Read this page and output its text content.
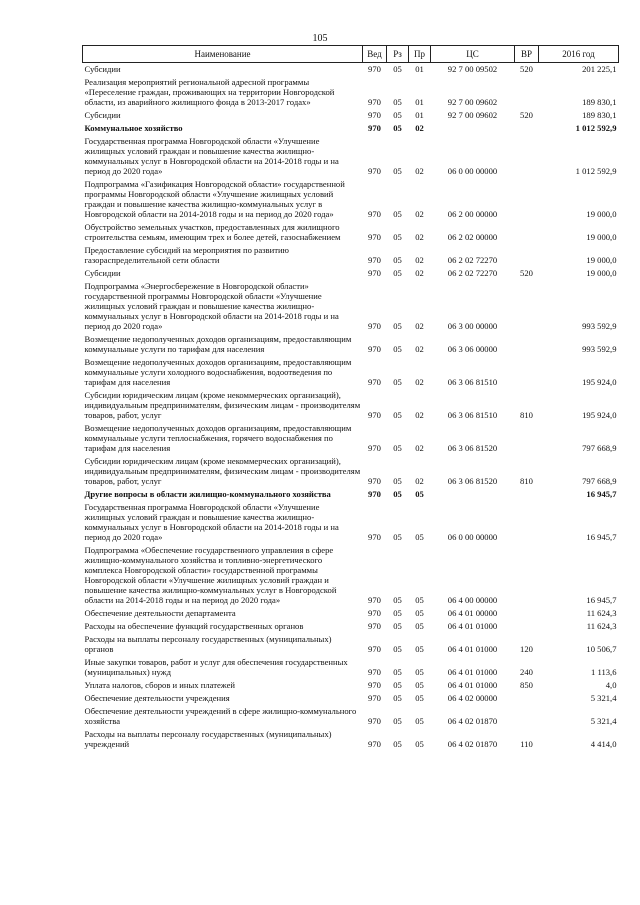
105
Наименование	Вед	Рз	Пр	ЦС	ВР	2016 год
Субсидии	970	05	01	92 7 00 09502	520	201 225,1
Реализация мероприятий региональной адресной программы «Переселение граждан, проживающих на территории Новгородской области, из аварийного жилищного фонда в 2013-2017 годах»	970	05	01	92 7 00 09602		189 830,1
Субсидии	970	05	01	92 7 00 09602	520	189 830,1
Коммунальное хозяйство	970	05	02			1 012 592,9
Государственная программа Новгородской области «Улучшение жилищных условий граждан и повышение качества жилищно-коммунальных услуг в Новгородской области на 2014-2018 годы и на период до 2020 года»	970	05	02	06 0 00 00000		1 012 592,9
Подпрограмма «Газификация Новгородской области» государственной программы Новгородской области «Улучшение жилищных условий граждан и повышение качества жилищно-коммунальных услуг в Новгородской области на 2014-2018 годы и на период до 2020 года»	970	05	02	06 2 00 00000		19 000,0
Обустройство земельных участков, предоставленных для жилищного строительства семьям, имеющим трех и более детей, газоснабжением	970	05	02	06 2 02 00000		19 000,0
Предоставление субсидий на мероприятия по развитию газораспределительной сети области	970	05	02	06 2 02 72270		19 000,0
Субсидии	970	05	02	06 2 02 72270	520	19 000,0
Подпрограмма «Энергосбережение в Новгородской области» государственной программы Новгородской области «Улучшение жилищных условий граждан и повышение качества жилищно-коммунальных услуг в Новгородской области на 2014-2018 годы и на период до 2020 года»	970	05	02	06 3 00 00000		993 592,9
Возмещение недополученных доходов организациям, предоставляющим коммунальные услуги по тарифам для населения	970	05	02	06 3 06 00000		993 592,9
Возмещение недополученных доходов организациям, предоставляющим коммунальные услуги холодного водоснабжения, водоотведения по тарифам для населения	970	05	02	06 3 06 81510		195 924,0
Субсидии юридическим лицам (кроме некоммерческих организаций), индивидуальным предпринимателям, физическим лицам - производителям товаров, работ, услуг	970	05	02	06 3 06 81510	810	195 924,0
Возмещение недополученных доходов организациям, предоставляющим коммунальные услуги теплоснабжения, горячего водоснабжения по тарифам для населения	970	05	02	06 3 06 81520		797 668,9
Субсидии юридическим лицам (кроме некоммерческих организаций), индивидуальным предпринимателям, физическим лицам - производителям товаров, работ, услуг	970	05	02	06 3 06 81520	810	797 668,9
Другие вопросы в области жилищно-коммунального хозяйства	970	05	05			16 945,7
Государственная программа Новгородской области «Улучшение жилищных условий граждан и повышение качества жилищно-коммунальных услуг в Новгородской области на 2014-2018 годы и на период до 2020 года»	970	05	05	06 0 00 00000		16 945,7
Подпрограмма «Обеспечение государственного управления в сфере жилищно-коммунального хозяйства и топливно-энергетического комплекса Новгородской области» государственной программы Новгородской области «Улучшение жилищных условий граждан и повышение качества жилищно-коммунальных услуг в Новгородской области на 2014-2018 годы и на период до 2020 года»	970	05	05	06 4 00 00000		16 945,7
Обеспечение деятельности департамента	970	05	05	06 4 01 00000		11 624,3
Расходы на обеспечение функций государственных органов	970	05	05	06 4 01 01000		11 624,3
Расходы на выплаты персоналу государственных (муниципальных) органов	970	05	05	06 4 01 01000	120	10 506,7
Иные закупки товаров, работ и услуг для обеспечения государственных (муниципальных) нужд	970	05	05	06 4 01 01000	240	1 113,6
Уплата налогов, сборов и иных платежей	970	05	05	06 4 01 01000	850	4,0
Обеспечение деятельности учреждения	970	05	05	06 4 02 00000		5 321,4
Обеспечение деятельности учреждений в сфере жилищно-коммунального хозяйства	970	05	05	06 4 02 01870		5 321,4
Расходы на выплаты персоналу государственных (муниципальных) учреждений	970	05	05	06 4 02 01870	110	4 414,0
